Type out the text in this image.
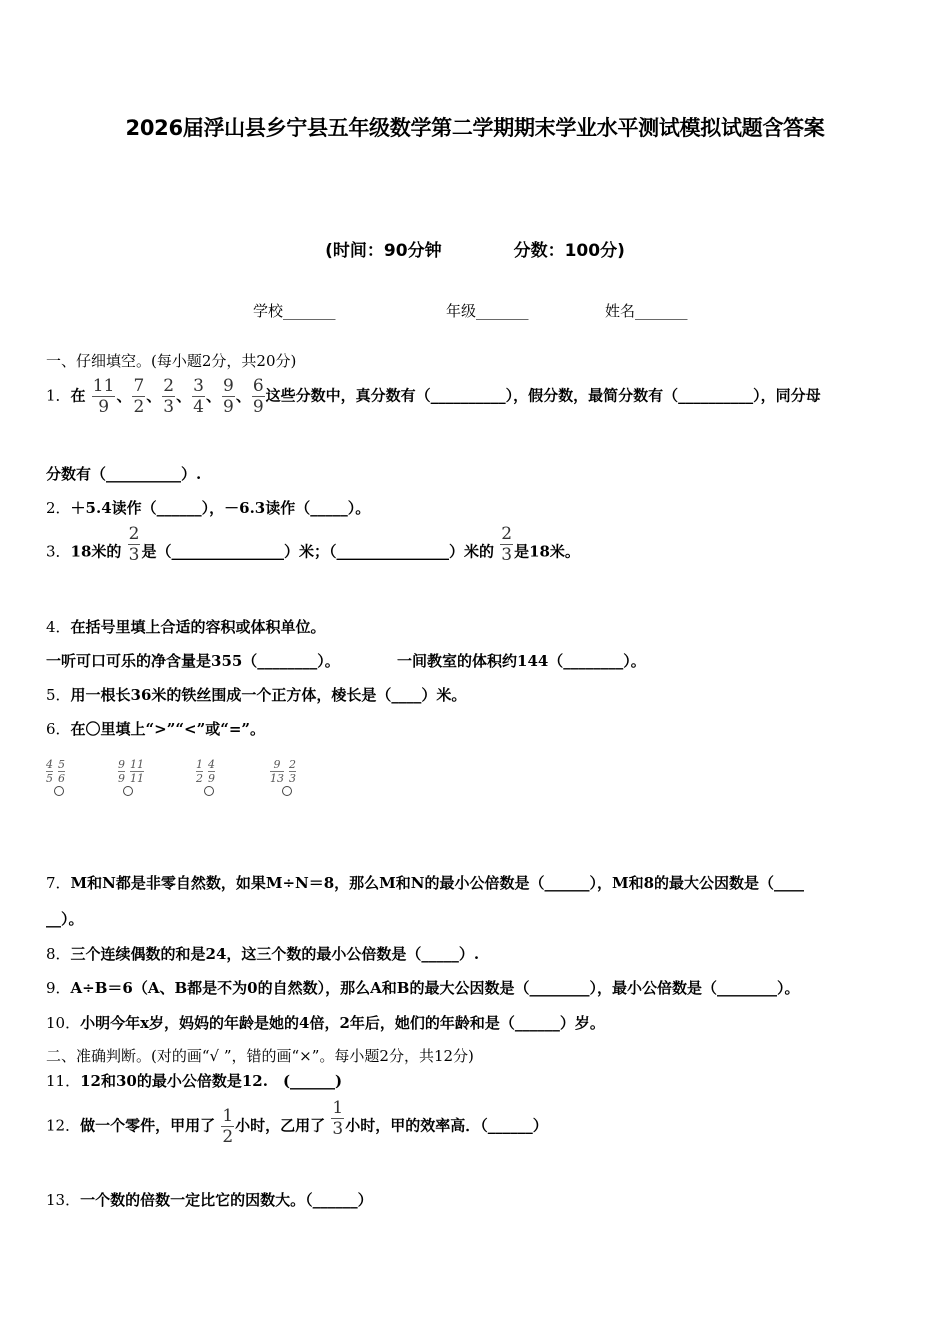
2026届浮山县乡宁县五年级数学第二学期期末学业水平测试模拟试题含答案
(时间：90分钟	分数：100分)
学校_______	年级_______	姓名_______
一、仔细填空。(每小题2分，共20分)
1．在 $\frac{11}{9}$ 、 $\frac{7}{2}$ 、 $\frac{2}{3}$ 、 $\frac{3}{4}$ 、 $\frac{9}{9}$ 、 $\frac{6}{9}$ 这些分数中，真分数有（__________），假分数，最简分数有（__________），同分母
分数有（__________）.
2．＋5.4读作（______），－6.3读作（_____）。
3．18米的 $\frac{2}{3}$ 是（_______________）米；（_______________）米的 $\frac{2}{3}$ 是18米。
4．在括号里填上合适的容积或体积单位。
一听可口可乐的净含量是355（________）。	一间教室的体积约144（________）。
5．用一根长36米的铁丝围成一个正方体，棱长是（____）米。
6．在〇里填上“>”“<”或“=”。
$\frac{4}{5} \frac{5}{6}$	$\frac{9}{9} \frac{11}{11}$	$\frac{1}{2} \frac{4}{9}$	$\frac{9}{13} \frac{2}{3}$
7．M和N都是非零自然数，如果M÷N＝8，那么M和N的最小公倍数是（______），M和8的最大公因数是（____
__）。
8．三个连续偶数的和是24，这三个数的最小公倍数是（_____）.
9．A÷B＝6（A、B都是不为0的自然数），那么A和B的最大公因数是（________），最小公倍数是（________）。
10．小明今年x岁，妈妈的年龄是她的4倍，2年后，她们的年龄和是（______）岁。
二、准确判断。(对的画“√ ”，错的画“×”。每小题2分，共12分)
11．12和30的最小公倍数是12.　(______)
12．做一个零件，甲用了 $\frac{1}{2}$ 小时，乙用了 $\frac{1}{3}$ 小时，甲的效率高．（______）
13．一个数的倍数一定比它的因数大。（______）
